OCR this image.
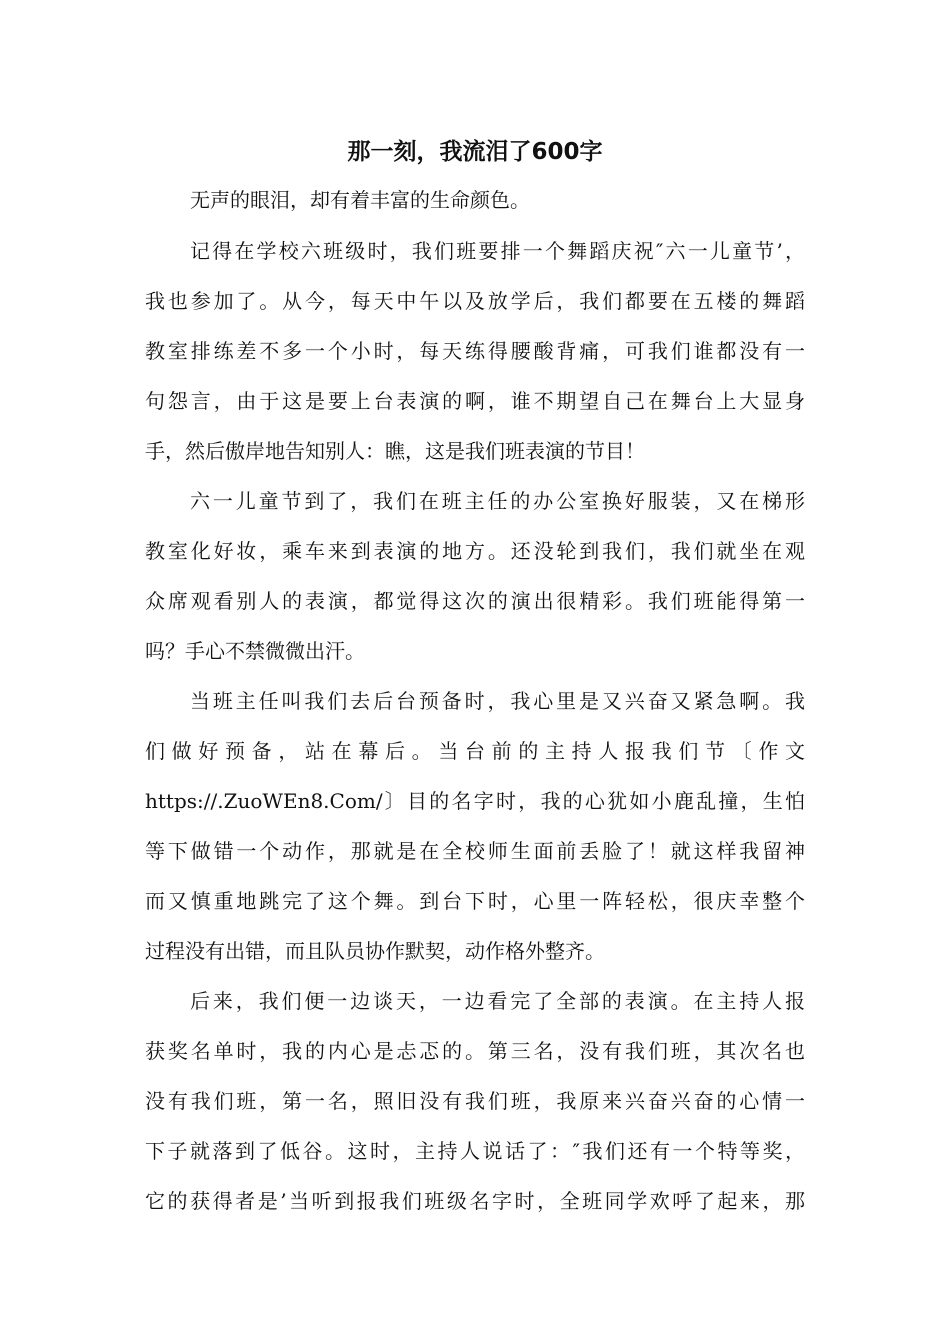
那一刻，我流泪了600字

无声的眼泪，却有着丰富的生命颜色。

记得在学校六班级时，我们班要排一个舞蹈庆祝″六一儿童节’，

我也参加了。从今，每天中午以及放学后，我们都要在五楼的舞蹈

教室排练差不多一个小时，每天练得腰酸背痛，可我们谁都没有一

句怨言，由于这是要上台表演的啊，谁不期望自己在舞台上大显身

手，然后傲岸地告知别人：瞧，这是我们班表演的节目！

六一儿童节到了，我们在班主任的办公室换好服装，又在梯形

教室化好妆，乘车来到表演的地方。还没轮到我们，我们就坐在观

众席观看别人的表演，都觉得这次的演出很精彩。我们班能得第一

吗？手心不禁微微出汗。

当班主任叫我们去后台预备时，我心里是又兴奋又紧急啊。我

们做好预备，站在幕后。当台前的主持人报我们节〔作文

https://.ZuoWEn8.Com/〕目的名字时，我的心犹如小鹿乱撞，生怕

等下做错一个动作，那就是在全校师生面前丢脸了！就这样我留神

而又慎重地跳完了这个舞。到台下时，心里一阵轻松，很庆幸整个

过程没有出错，而且队员协作默契，动作格外整齐。

后来，我们便一边谈天，一边看完了全部的表演。在主持人报

获奖名单时，我的内心是忐忑的。第三名，没有我们班，其次名也

没有我们班，第一名，照旧没有我们班，我原来兴奋兴奋的心情一

下子就落到了低谷。这时，主持人说话了：″我们还有一个特等奖，

它的获得者是’当听到报我们班级名字时，全班同学欢呼了起来，那
